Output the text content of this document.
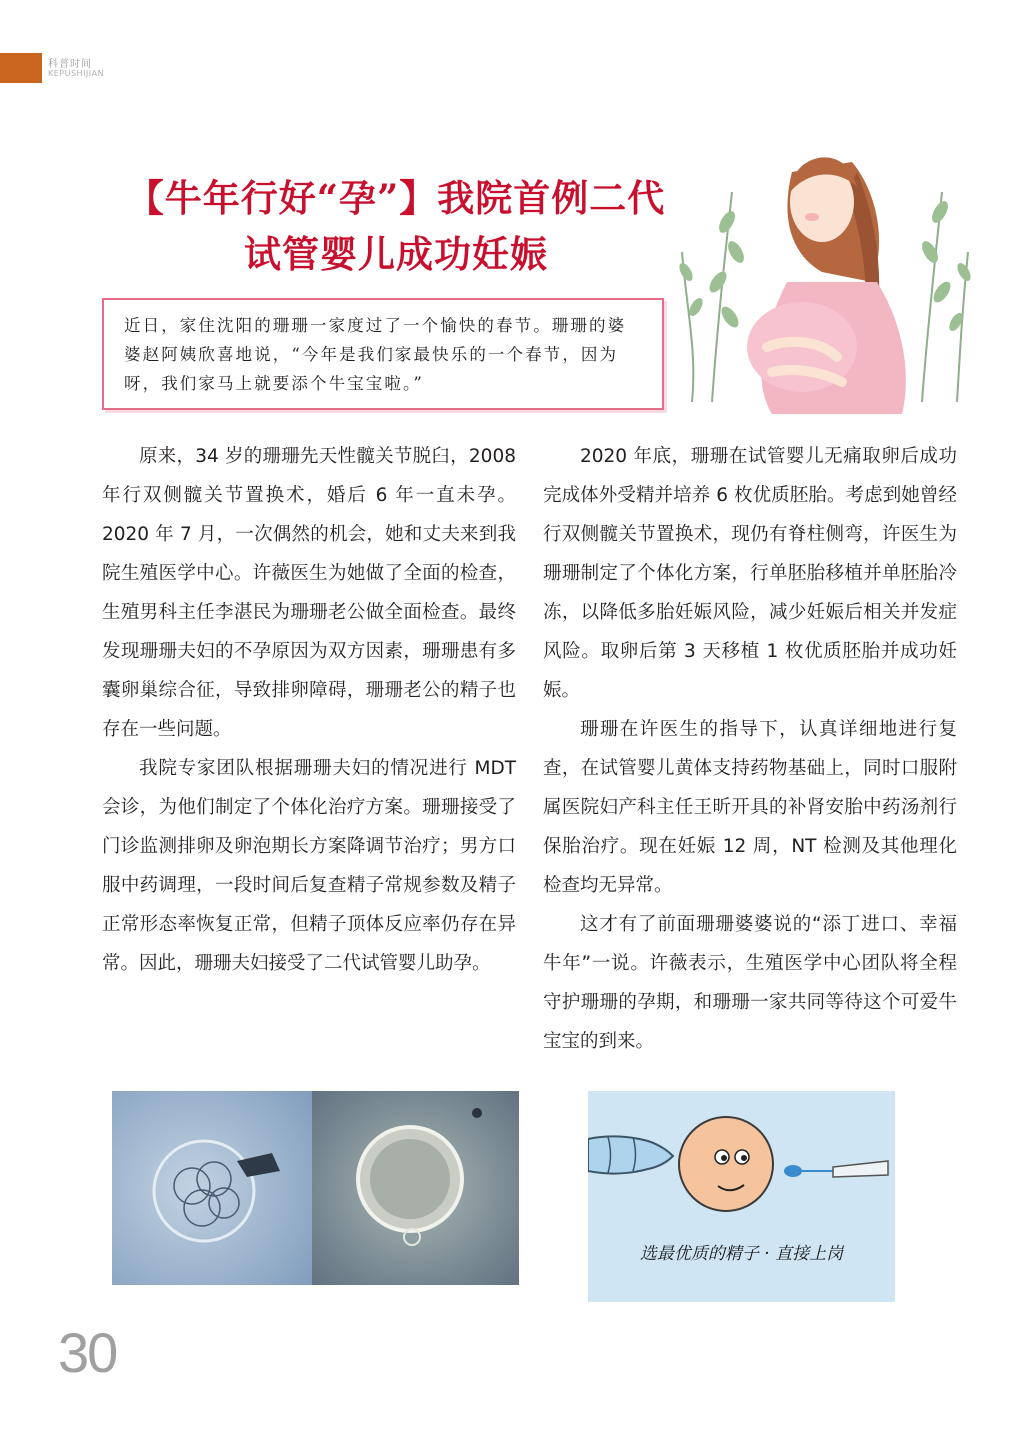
科普时间
KEPUSHIJIAN
【牛年行好“孕”】我院首例二代
试管婴儿成功妊娠
近日，家住沈阳的珊珊一家度过了一个愉快的春节。珊珊的婆婆赵阿姨欣喜地说，“今年是我们家最快乐的一个春节，因为呀，我们家马上就要添个牛宝宝啦。”

原来，34 岁的珊珊先天性髋关节脱臼，2008 年行双侧髋关节置换术，婚后 6 年一直未孕。2020 年 7 月，一次偶然的机会，她和丈夫来到我院生殖医学中心。许薇医生为她做了全面的检查，生殖男科主任李湛民为珊珊老公做全面检查。最终发现珊珊夫妇的不孕原因为双方因素，珊珊患有多囊卵巢综合征，导致排卵障碍，珊珊老公的精子也存在一些问题。

我院专家团队根据珊珊夫妇的情况进行 MDT 会诊，为他们制定了个体化治疗方案。珊珊接受了门诊监测排卵及卵泡期长方案降调节治疗；男方口服中药调理，一段时间后复查精子常规参数及精子正常形态率恢复正常，但精子顶体反应率仍存在异常。因此，珊珊夫妇接受了二代试管婴儿助孕。

2020 年底，珊珊在试管婴儿无痛取卵后成功完成体外受精并培养 6 枚优质胚胎。考虑到她曾经行双侧髋关节置换术，现仍有脊柱侧弯，许医生为珊珊制定了个体化方案，行单胚胎移植并单胚胎冷冻，以降低多胎妊娠风险，减少妊娠后相关并发症风险。取卵后第 3 天移植 1 枚优质胚胎并成功妊娠。

珊珊在许医生的指导下，认真详细地进行复查，在试管婴儿黄体支持药物基础上，同时口服附属医院妇产科主任王昕开具的补肾安胎中药汤剂行保胎治疗。现在妊娠 12 周，NT 检测及其他理化检查均无异常。

这才有了前面珊珊婆婆说的“添丁进口、幸福牛年”一说。许薇表示，生殖医学中心团队将全程守护珊珊的孕期，和珊珊一家共同等待这个可爱牛宝宝的到来。

选最优质的精子 · 直接上岗
30
